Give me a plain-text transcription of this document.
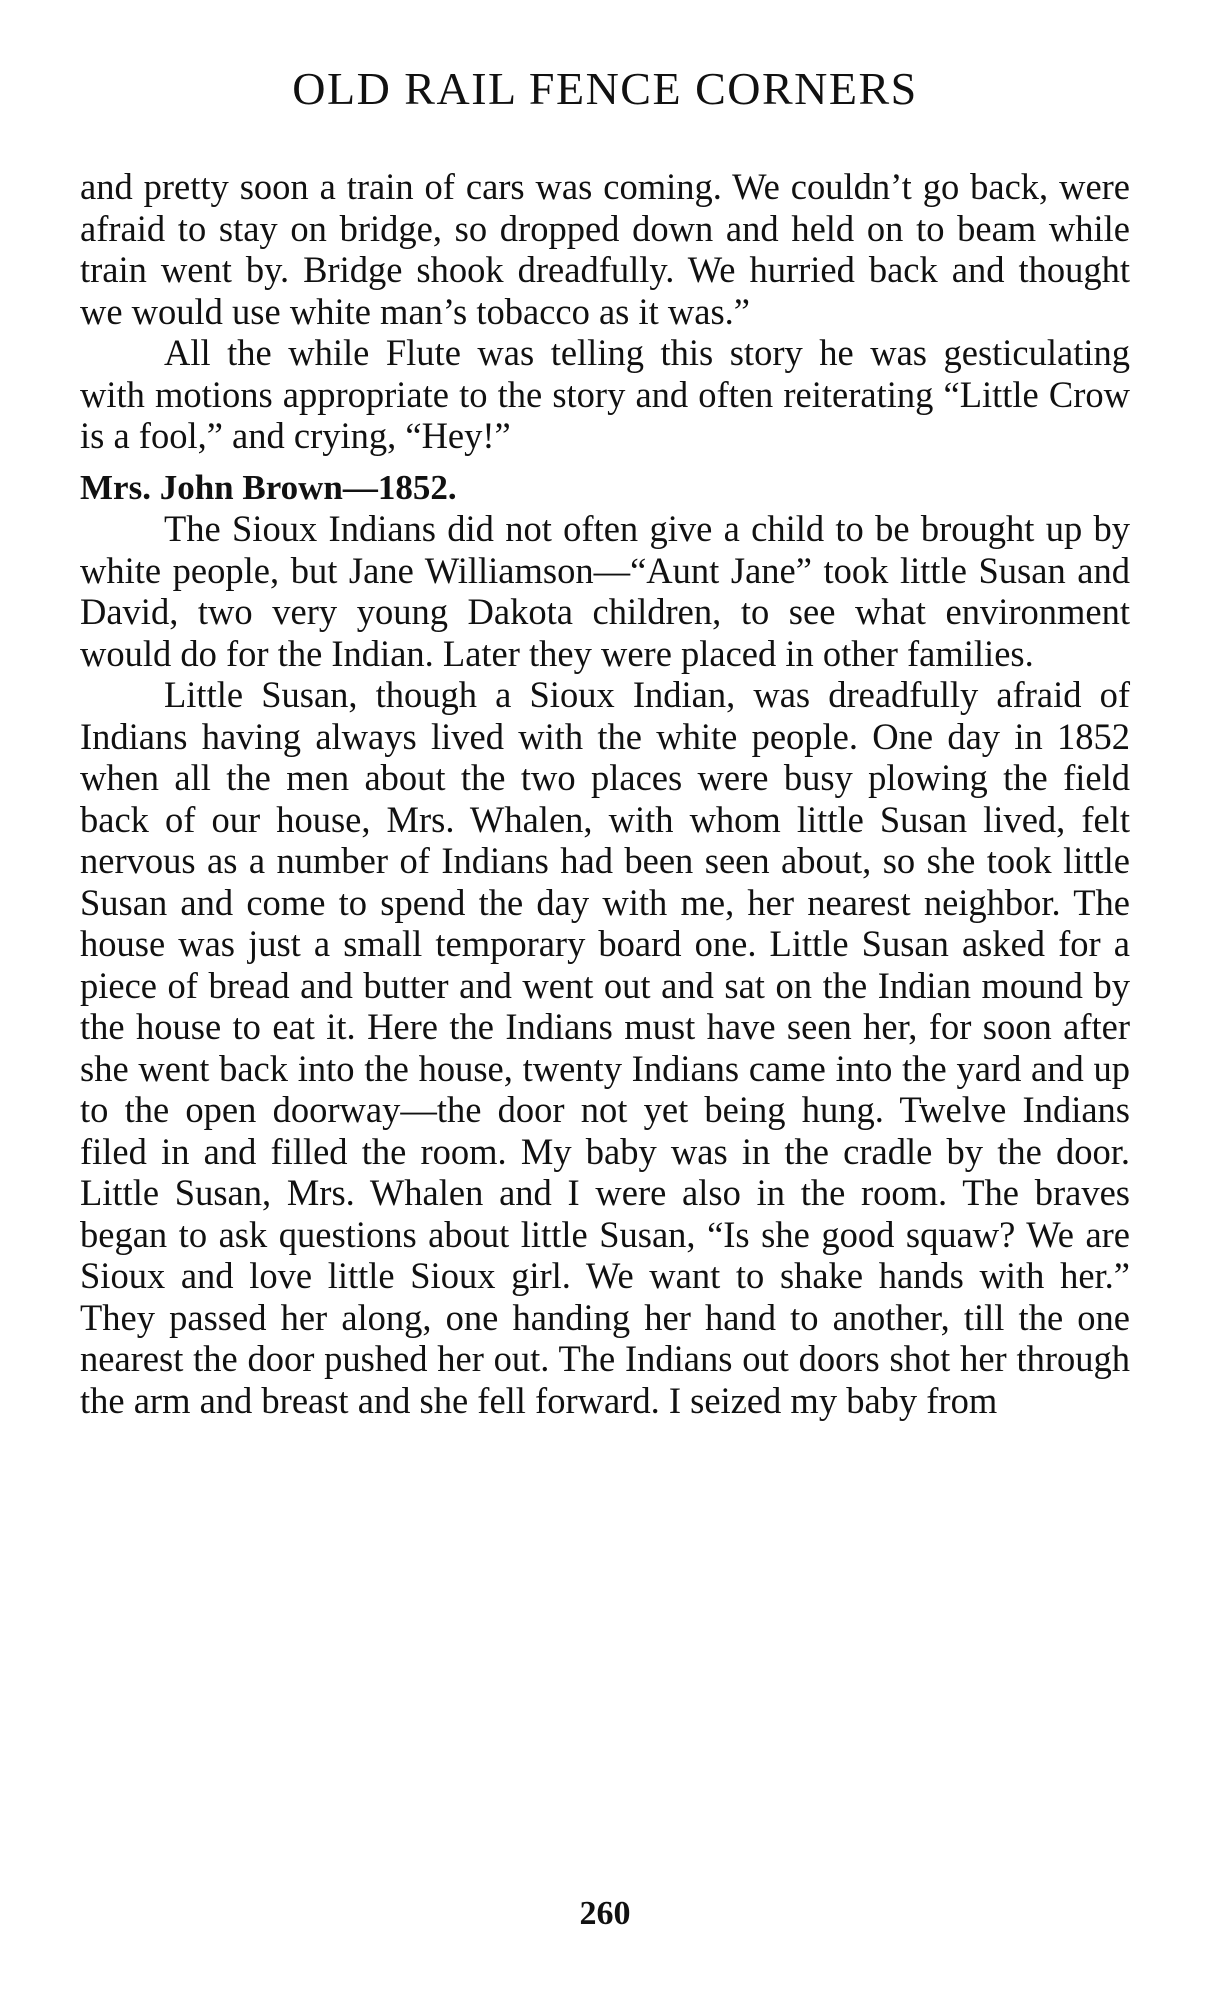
OLD RAIL FENCE CORNERS

and pretty soon a train of cars was coming. We couldn’t go back, were afraid to stay on bridge, so dropped down and held on to beam while train went by. Bridge shook dreadfully. We hurried back and thought we would use white man’s tobacco as it was.”

All the while Flute was telling this story he was gesticulating with motions appropriate to the story and often reiterating “Little Crow is a fool,” and crying, “Hey!”

Mrs. John Brown—1852.

The Sioux Indians did not often give a child to be brought up by white people, but Jane Williamson—“Aunt Jane” took little Susan and David, two very young Dakota children, to see what environment would do for the Indian. Later they were placed in other families.

Little Susan, though a Sioux Indian, was dreadfully afraid of Indians having always lived with the white people. One day in 1852 when all the men about the two places were busy plowing the field back of our house, Mrs. Whalen, with whom little Susan lived, felt nervous as a number of Indians had been seen about, so she took little Susan and come to spend the day with me, her nearest neighbor. The house was just a small temporary board one. Little Susan asked for a piece of bread and butter and went out and sat on the Indian mound by the house to eat it. Here the Indians must have seen her, for soon after she went back into the house, twenty Indians came into the yard and up to the open doorway—the door not yet being hung. Twelve Indians filed in and filled the room. My baby was in the cradle by the door. Little Susan, Mrs. Whalen and I were also in the room. The braves began to ask questions about little Susan, “Is she good squaw? We are Sioux and love little Sioux girl. We want to shake hands with her.” They passed her along, one handing her hand to another, till the one nearest the door pushed her out. The Indians out doors shot her through the arm and breast and she fell forward. I seized my baby from

260
